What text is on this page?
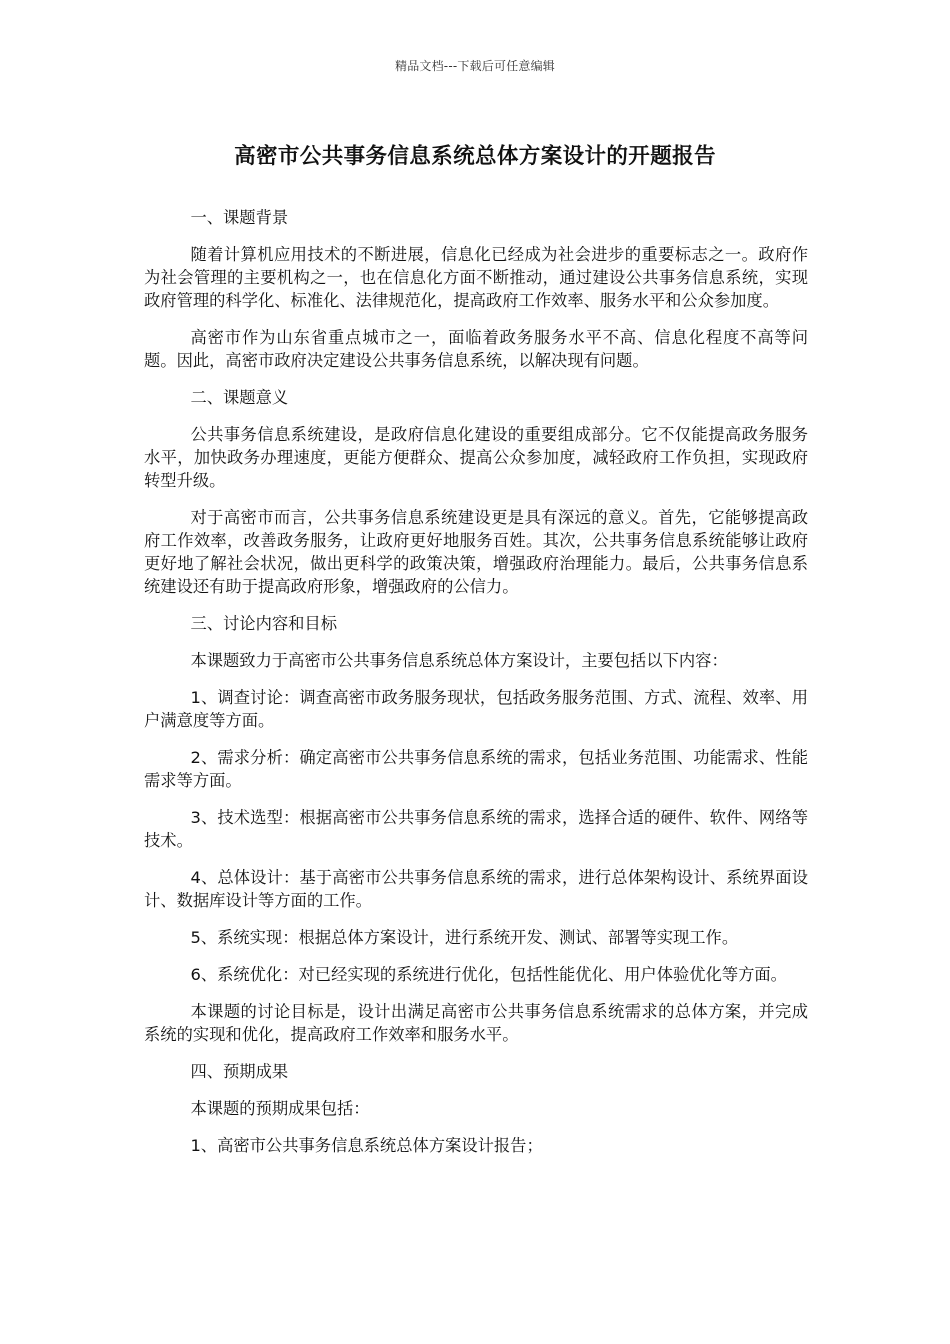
精品文档---下载后可任意编辑
高密市公共事务信息系统总体方案设计的开题报告

一、课题背景

随着计算机应用技术的不断进展，信息化已经成为社会进步的重要标志之一。政府作为社会管理的主要机构之一，也在信息化方面不断推动，通过建设公共事务信息系统，实现政府管理的科学化、标准化、法律规范化，提高政府工作效率、服务水平和公众参加度。

高密市作为山东省重点城市之一，面临着政务服务水平不高、信息化程度不高等问题。因此，高密市政府决定建设公共事务信息系统，以解决现有问题。

二、课题意义

公共事务信息系统建设，是政府信息化建设的重要组成部分。它不仅能提高政务服务水平，加快政务办理速度，更能方便群众、提高公众参加度，减轻政府工作负担，实现政府转型升级。

对于高密市而言，公共事务信息系统建设更是具有深远的意义。首先，它能够提高政府工作效率，改善政务服务，让政府更好地服务百姓。其次，公共事务信息系统能够让政府更好地了解社会状况，做出更科学的政策决策，增强政府治理能力。最后，公共事务信息系统建设还有助于提高政府形象，增强政府的公信力。

三、讨论内容和目标

本课题致力于高密市公共事务信息系统总体方案设计，主要包括以下内容：

1、调查讨论：调查高密市政务服务现状，包括政务服务范围、方式、流程、效率、用户满意度等方面。

2、需求分析：确定高密市公共事务信息系统的需求，包括业务范围、功能需求、性能需求等方面。

3、技术选型：根据高密市公共事务信息系统的需求，选择合适的硬件、软件、网络等技术。

4、总体设计：基于高密市公共事务信息系统的需求，进行总体架构设计、系统界面设计、数据库设计等方面的工作。

5、系统实现：根据总体方案设计，进行系统开发、测试、部署等实现工作。

6、系统优化：对已经实现的系统进行优化，包括性能优化、用户体验优化等方面。

本课题的讨论目标是，设计出满足高密市公共事务信息系统需求的总体方案，并完成系统的实现和优化，提高政府工作效率和服务水平。

四、预期成果

本课题的预期成果包括：

1、高密市公共事务信息系统总体方案设计报告；
